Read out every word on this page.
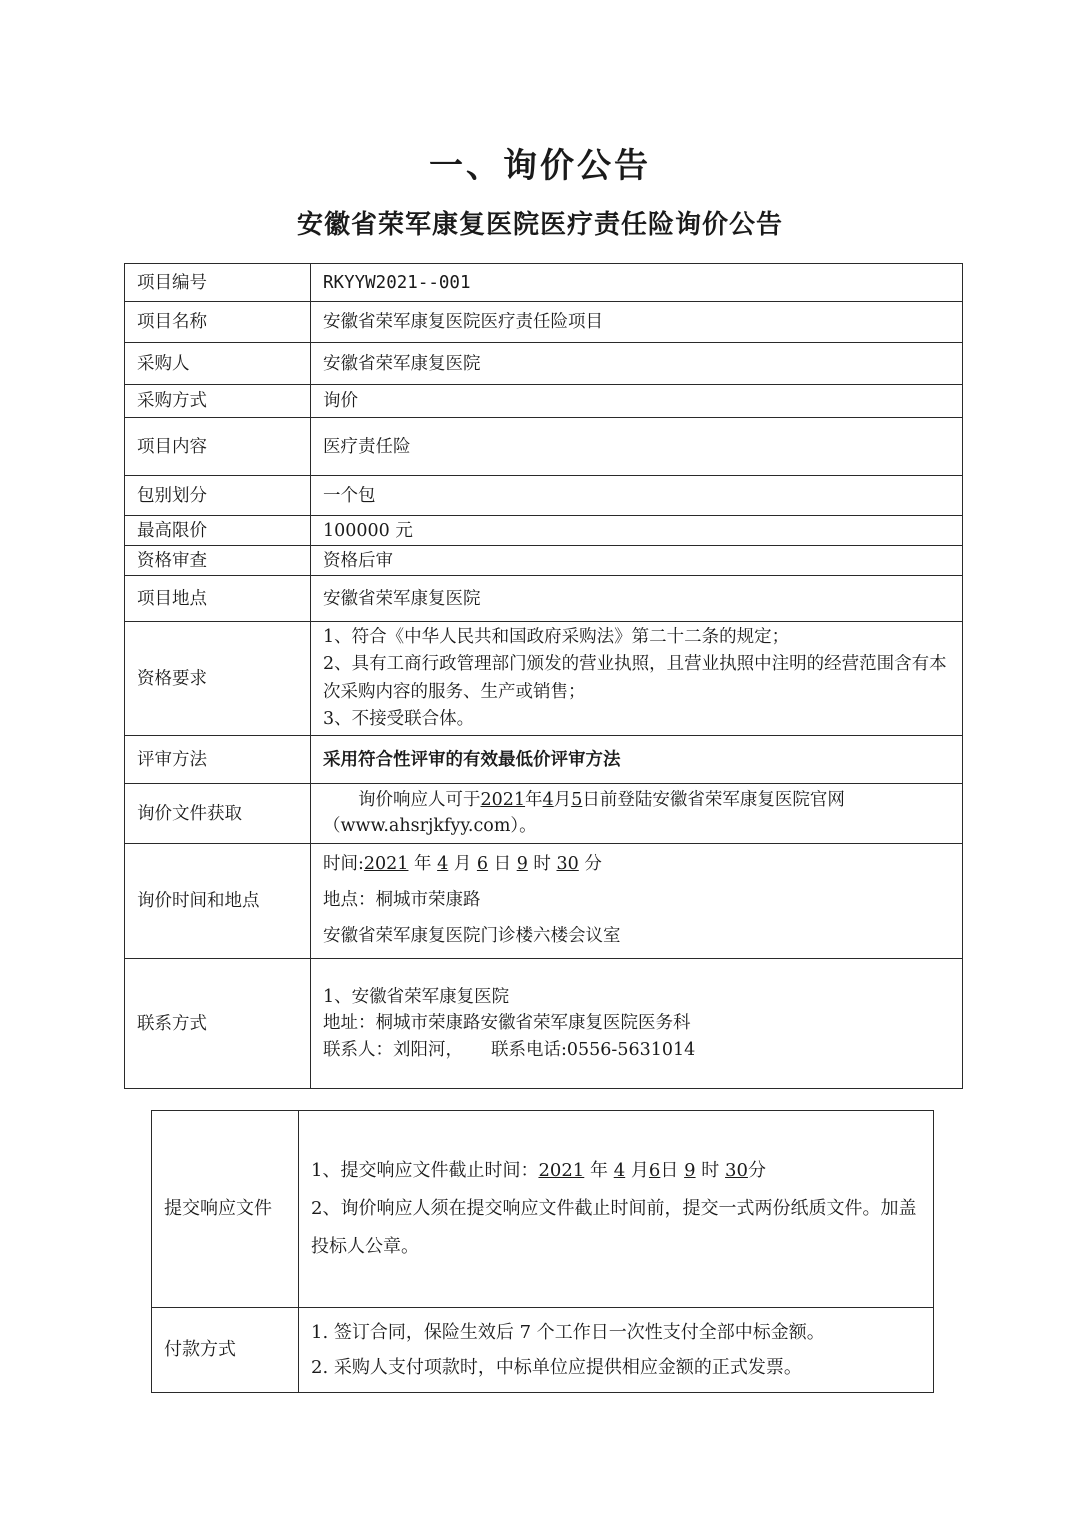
一、询价公告
安徽省荣军康复医院医疗责任险询价公告
项目编号	RKYYW2021--001
项目名称	安徽省荣军康复医院医疗责任险项目
采购人	安徽省荣军康复医院
采购方式	询价
项目内容	医疗责任险
包别划分	一个包
最高限价	100000 元
资格审查	资格后审
项目地点	安徽省荣军康复医院
资格要求	1、符合《中华人民共和国政府采购法》第二十二条的规定；
2、具有工商行政管理部门颁发的营业执照，且营业执照中注明的经营范围含有本次采购内容的服务、生产或销售；
3、不接受联合体。

评审方法	采用符合性评审的有效最低价评审方法
询价文件获取	询价响应人可于2021年4月5日前登陆安徽省荣军康复医院官网（www.ahsrjkfyy.com）。
询价时间和地点	时间:2021 年 4 月 6 日 9 时 30 分
地点：桐城市荣康路
安徽省荣军康复医院门诊楼六楼会议室

联系方式	1、安徽省荣军康复医院
地址：桐城市荣康路安徽省荣军康复医院医务科
联系人：刘阳河， 联系电话:0556-5631014
提交响应文件	1、提交响应文件截止时间：2021 年 4 月6日 9 时 30分
2、询价响应人须在提交响应文件截止时间前，提交一式两份纸质文件。加盖投标人公章。

付款方式	1. 签订合同，保险生效后 7 个工作日一次性支付全部中标金额。
2. 采购人支付项款时，中标单位应提供相应金额的正式发票。
